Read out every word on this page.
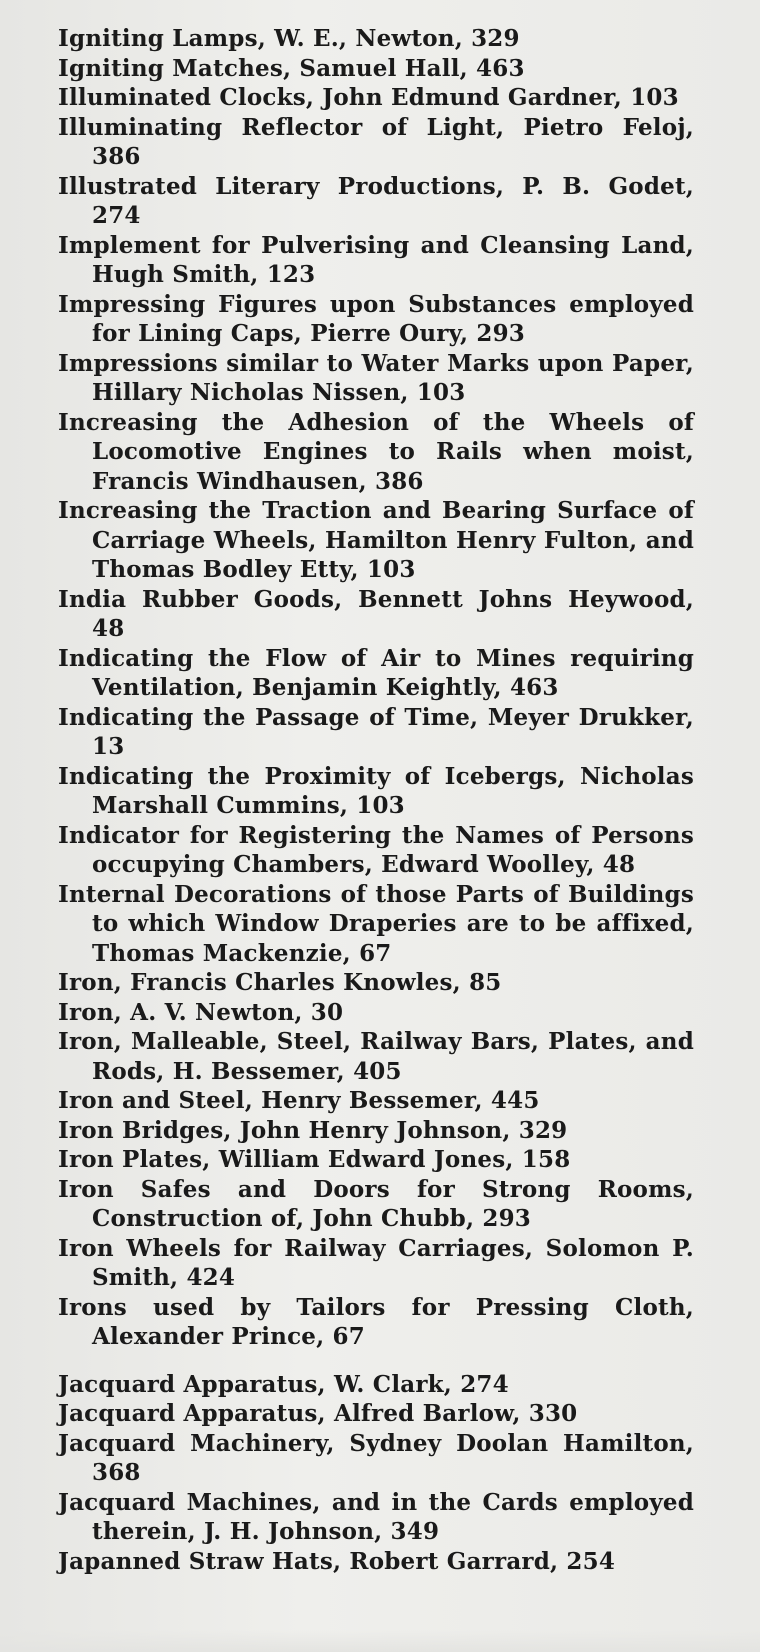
Igniting Lamps, W. E., Newton, 329
Igniting Matches, Samuel Hall, 463
Illuminated Clocks, John Edmund Gardner, 103
Illuminating Reflector of Light, Pietro Feloj, 386
Illustrated Literary Productions, P. B. Godet, 274
Implement for Pulverising and Cleansing Land, Hugh Smith, 123
Impressing Figures upon Substances employed for Lining Caps, Pierre Oury, 293
Impressions similar to Water Marks upon Paper, Hillary Nicholas Nissen, 103
Increasing the Adhesion of the Wheels of Locomotive Engines to Rails when moist, Francis Windhausen, 386
Increasing the Traction and Bearing Surface of Carriage Wheels, Hamilton Henry Fulton, and Thomas Bodley Etty, 103
India Rubber Goods, Bennett Johns Heywood, 48
Indicating the Flow of Air to Mines requiring Ventilation, Benjamin Keightly, 463
Indicating the Passage of Time, Meyer Drukker, 13
Indicating the Proximity of Icebergs, Nicholas Marshall Cummins, 103
Indicator for Registering the Names of Persons occupying Chambers, Edward Woolley, 48
Internal Decorations of those Parts of Buildings to which Window Draperies are to be affixed, Thomas Mackenzie, 67
Iron, Francis Charles Knowles, 85
Iron, A. V. Newton, 30
Iron, Malleable, Steel, Railway Bars, Plates, and Rods, H. Bessemer, 405
Iron and Steel, Henry Bessemer, 445
Iron Bridges, John Henry Johnson, 329
Iron Plates, William Edward Jones, 158
Iron Safes and Doors for Strong Rooms, Construction of, John Chubb, 293
Iron Wheels for Railway Carriages, Solomon P. Smith, 424
Irons used by Tailors for Pressing Cloth, Alexander Prince, 67
Jacquard Apparatus, W. Clark, 274
Jacquard Apparatus, Alfred Barlow, 330
Jacquard Machinery, Sydney Doolan Hamilton, 368
Jacquard Machines, and in the Cards employed therein, J. H. Johnson, 349
Japanned Straw Hats, Robert Garrard, 254
